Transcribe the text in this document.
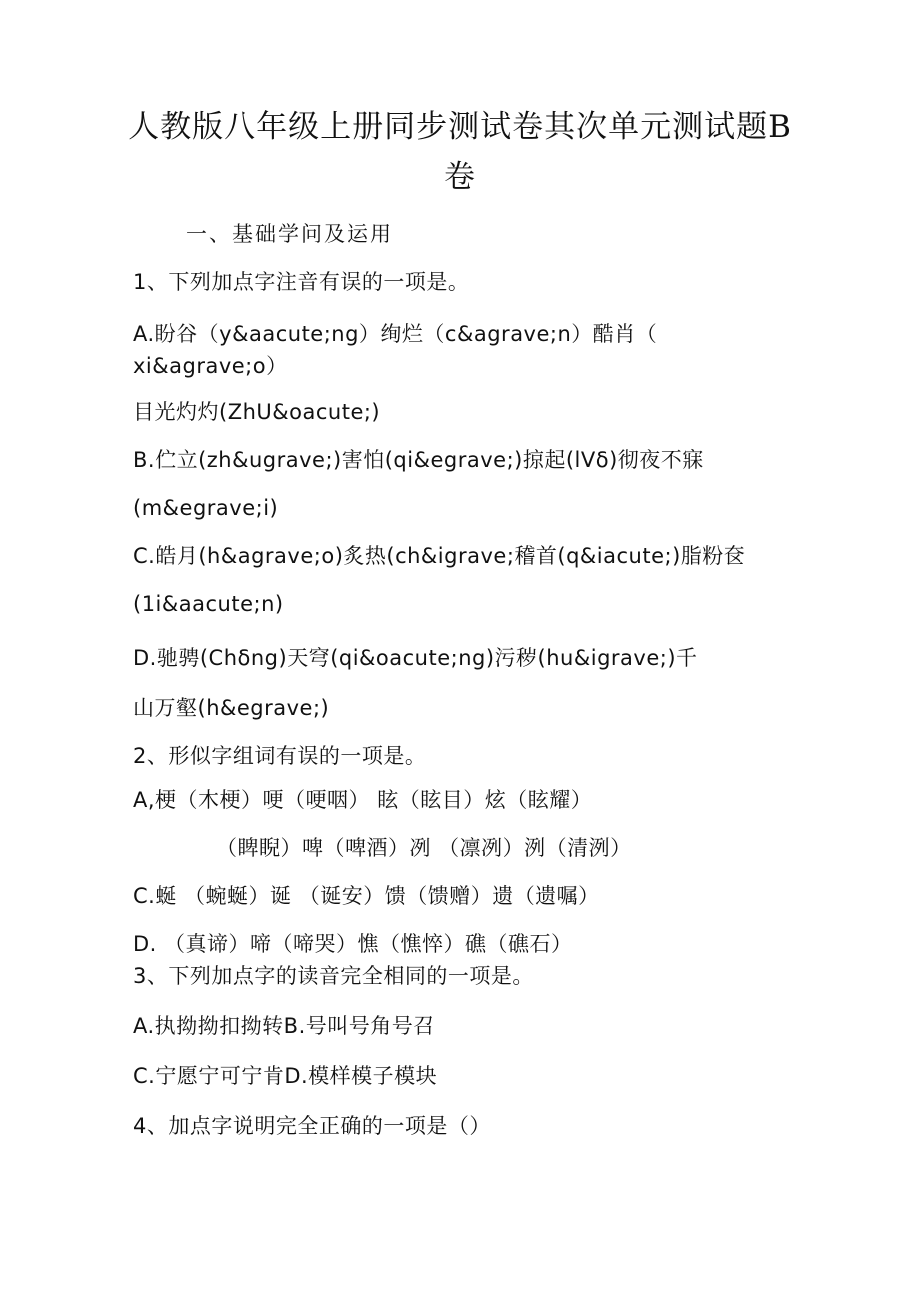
人教版八年级上册同步测试卷其次单元测试题B
卷
一、基础学问及运用
1、下列加点字注音有误的一项是。
A.盼谷（y&aacute;ng）绚烂（c&agrave;n）酷肖（
xi&agrave;o）
目光灼灼(ZhU&oacute;)
B.伫立(zh&ugrave;)害怕(qi&egrave;)掠起(lVδ)彻夜不寐
(m&egrave;i)
C.皓月(h&agrave;o)炙热(ch&igrave;稽首(q&iacute;)脂粉奁
(1i&aacute;n)
D.驰骋(Chδng)天穹(qi&oacute;ng)污秽(hu&igrave;)千
山万壑(h&egrave;)
2、形似字组词有误的一项是。
A,梗（木梗）哽（哽咽） 眩（眩目）炫（眩耀）
（睥睨）啤（啤酒）冽 （凛冽）洌（清洌）
C.蜒 （蜿蜒）诞 （诞安）馈（馈赠）遗（遗嘱）
D. （真谛）啼（啼哭）憔（憔悴）礁（礁石）
3、下列加点字的读音完全相同的一项是。
A.执拗拗扣拗转B.号叫号角号召
C.宁愿宁可宁肯D.模样模子模块
4、加点字说明完全正确的一项是（）
